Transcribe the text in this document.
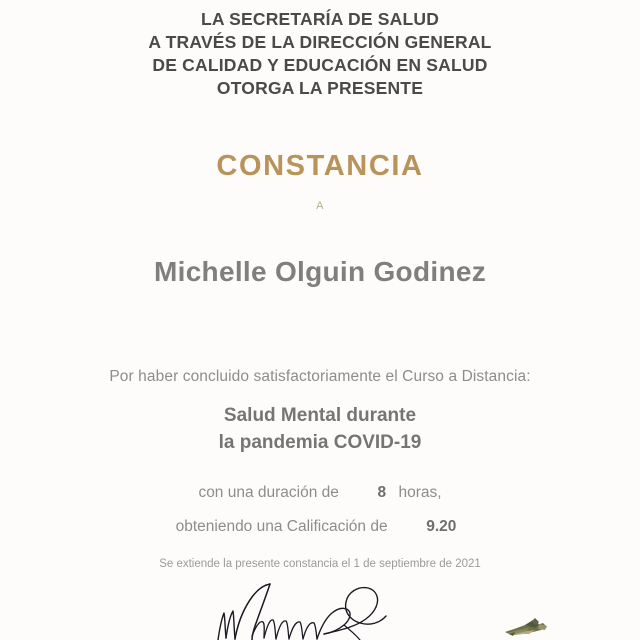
LA SECRETARÍA DE SALUD
A TRAVÉS DE LA DIRECCIÓN GENERAL
DE CALIDAD Y EDUCACIÓN EN SALUD
OTORGA LA PRESENTE
CONSTANCIA
A
Michelle Olguin Godinez
Por haber concluido satisfactoriamente el Curso a Distancia:
Salud Mental durante
la pandemia COVID-19
con una duración de 8 horas,
obteniendo una Calificación de 9.20
Se extiende la presente constancia el 1 de septiembre de 2021
